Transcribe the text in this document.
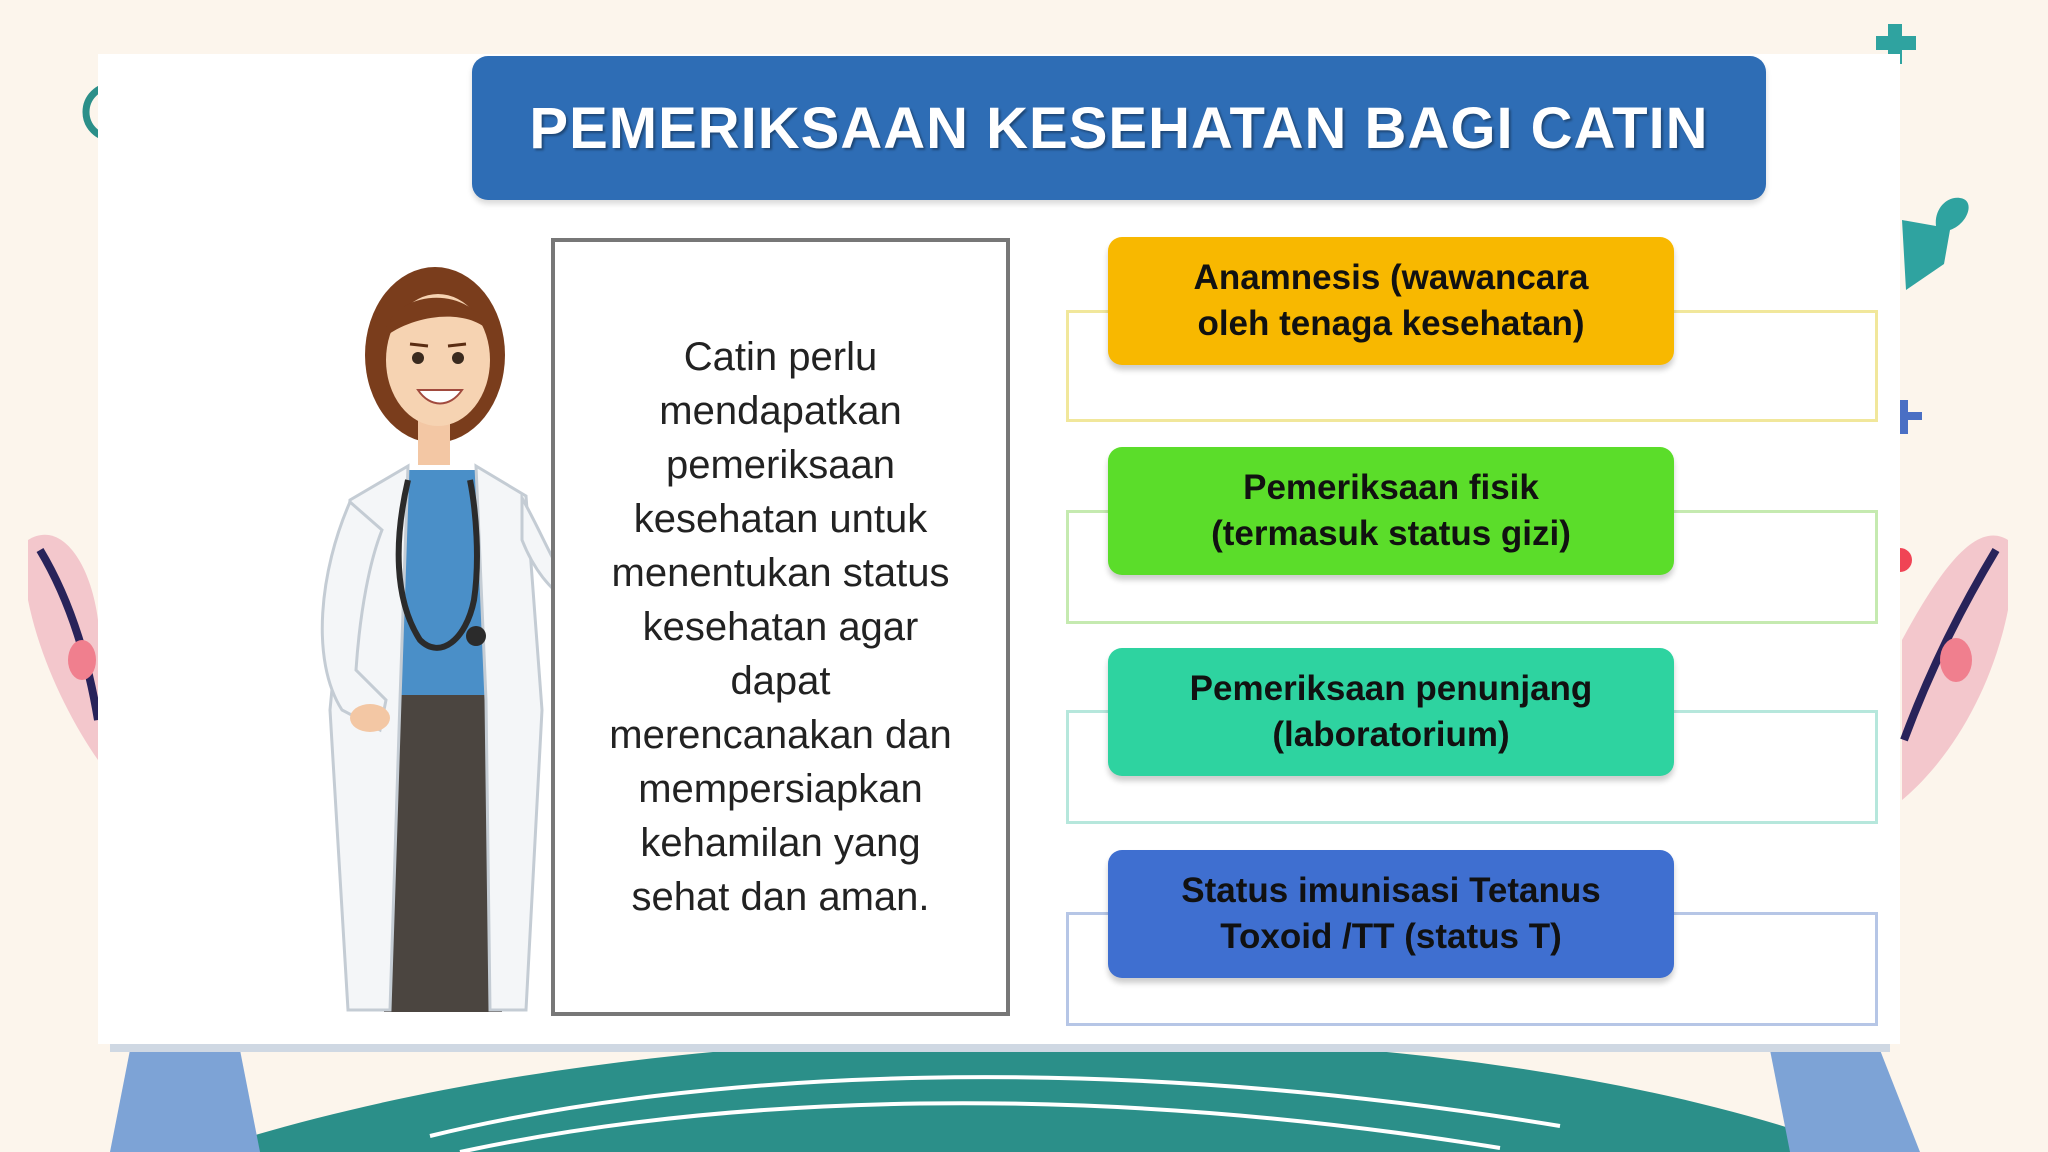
PEMERIKSAAN KESEHATAN BAGI CATIN
Catin perlu
mendapatkan
pemeriksaan
kesehatan untuk
menentukan status
kesehatan agar
dapat
merencanakan dan
mempersiapkan
kehamilan yang
sehat dan aman.
Anamnesis (wawancara
oleh tenaga kesehatan)
Pemeriksaan fisik
(termasuk status gizi)
Pemeriksaan penunjang
(laboratorium)
Status imunisasi Tetanus
Toxoid /TT (status T)
